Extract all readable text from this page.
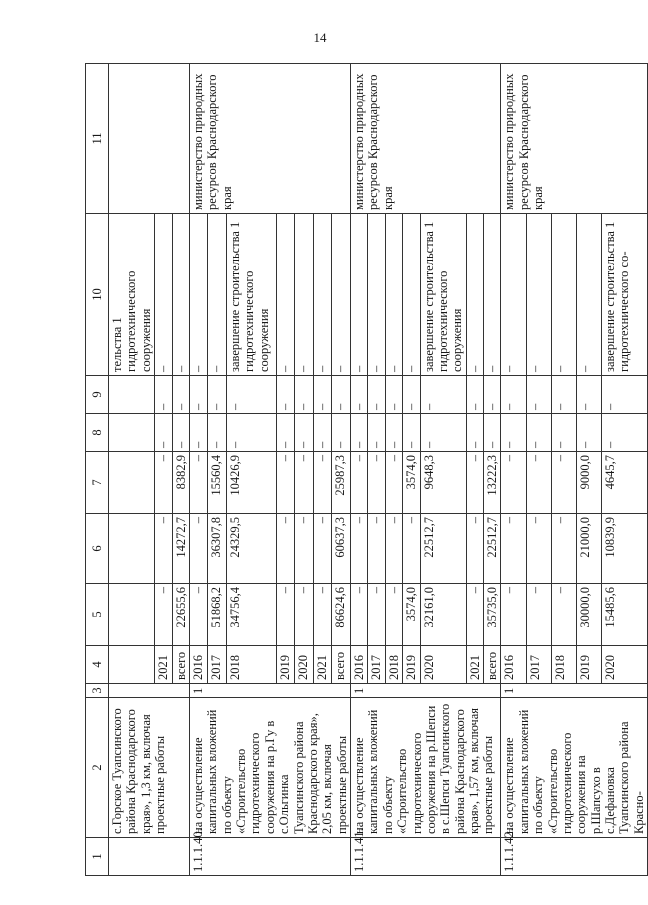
14
1	2	3	4	5	6	7	8	9	10	11
	с.Горское Туапсинского района Краснодарского края», 1,3 км, включая проектные работы								тельства 1 гидротехнического сооружения	
			2021	–	–	–	–	–	–	
			всего	22655,6	14272,7	8382,9	–	–	–	
1.1.1.40.	на осуществление капитальных вложений по объекту «Строительство гидротехнического сооружения на р.Гу в с.Ольгинка Туапсинского района Краснодарского края», 2,05 км, включая проектные работы	1	2016	–	–	–	–	–	–	министерство природных ресурсов Краснодарского края
			2017	51868,2	36307,8	15560,4	–	–	–	
			2018	34756,4	24329,5	10426,9	–	–	завершение строительства 1 гидротехнического сооружения	
			2019	–	–	–	–	–	–	
			2020	–	–	–	–	–	–	
			2021	–	–	–	–	–	–	
			всего	86624,6	60637,3	25987,3	–	–	–	
1.1.1.41.	на осуществление капитальных вложений по объекту «Строительство гидротехнического сооружения на р.Шепси в с.Шепси Туапсинского района Краснодарского края», 1,57 км, включая проектные работы	1	2016	–	–	–	–	–	–	министерство природных ресурсов Краснодарского края
			2017	–	–	–	–	–	–	
			2018	–	–	–	–	–	–	
			2019	3574,0	–	3574,0	–	–	–	
			2020	32161,0	22512,7	9648,3	–	–	завершение строительства 1 гидротехнического сооружения	
			2021	–	–	–	–	–	–	
			всего	35735,0	22512,7	13222,3	–	–	–	
1.1.1.42.	на осуществление капитальных вложений по объекту «Строительство гидротехнического сооружения на р.Шапсухо в с.Дефановка Туапсинского района Красно-	1	2016	–	–	–	–	–	–	министерство природных ресурсов Краснодарского края
			2017	–	–	–	–	–	–	
			2018	–	–	–	–	–	–	
			2019	30000,0	21000,0	9000,0	–	–	–	
			2020	15485,6	10839,9	4645,7	–	–	завершение строительства 1 гидротехнического со-	
